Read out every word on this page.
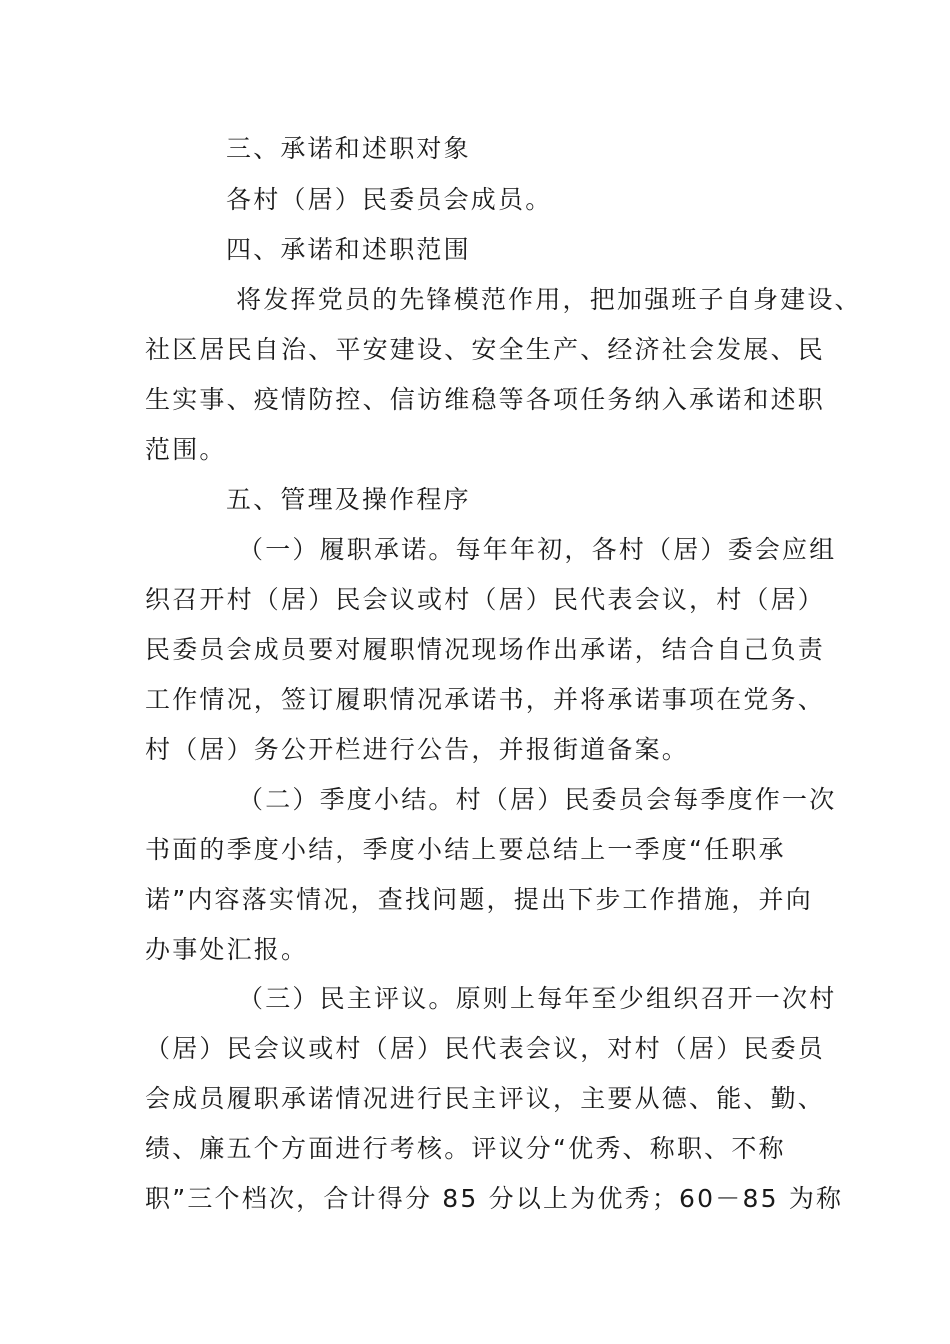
三、承诺和述职对象
各村（居）民委员会成员。
四、承诺和述职范围
将发挥党员的先锋模范作用，把加强班子自身建设、
社区居民自治、平安建设、安全生产、经济社会发展、民
生实事、疫情防控、信访维稳等各项任务纳入承诺和述职
范围。
五、管理及操作程序
（一）履职承诺。每年年初，各村（居）委会应组
织召开村（居）民会议或村（居）民代表会议，村（居）
民委员会成员要对履职情况现场作出承诺，结合自己负责
工作情况，签订履职情况承诺书，并将承诺事项在党务、
村（居）务公开栏进行公告，并报街道备案。
（二）季度小结。村（居）民委员会每季度作一次
书面的季度小结，季度小结上要总结上一季度“任职承
诺”内容落实情况，查找问题，提出下步工作措施，并向
办事处汇报。
（三）民主评议。原则上每年至少组织召开一次村
（居）民会议或村（居）民代表会议，对村（居）民委员
会成员履职承诺情况进行民主评议，主要从德、能、勤、
绩、廉五个方面进行考核。评议分“优秀、称职、不称
职”三个档次，合计得分 85 分以上为优秀；60－85 为称
